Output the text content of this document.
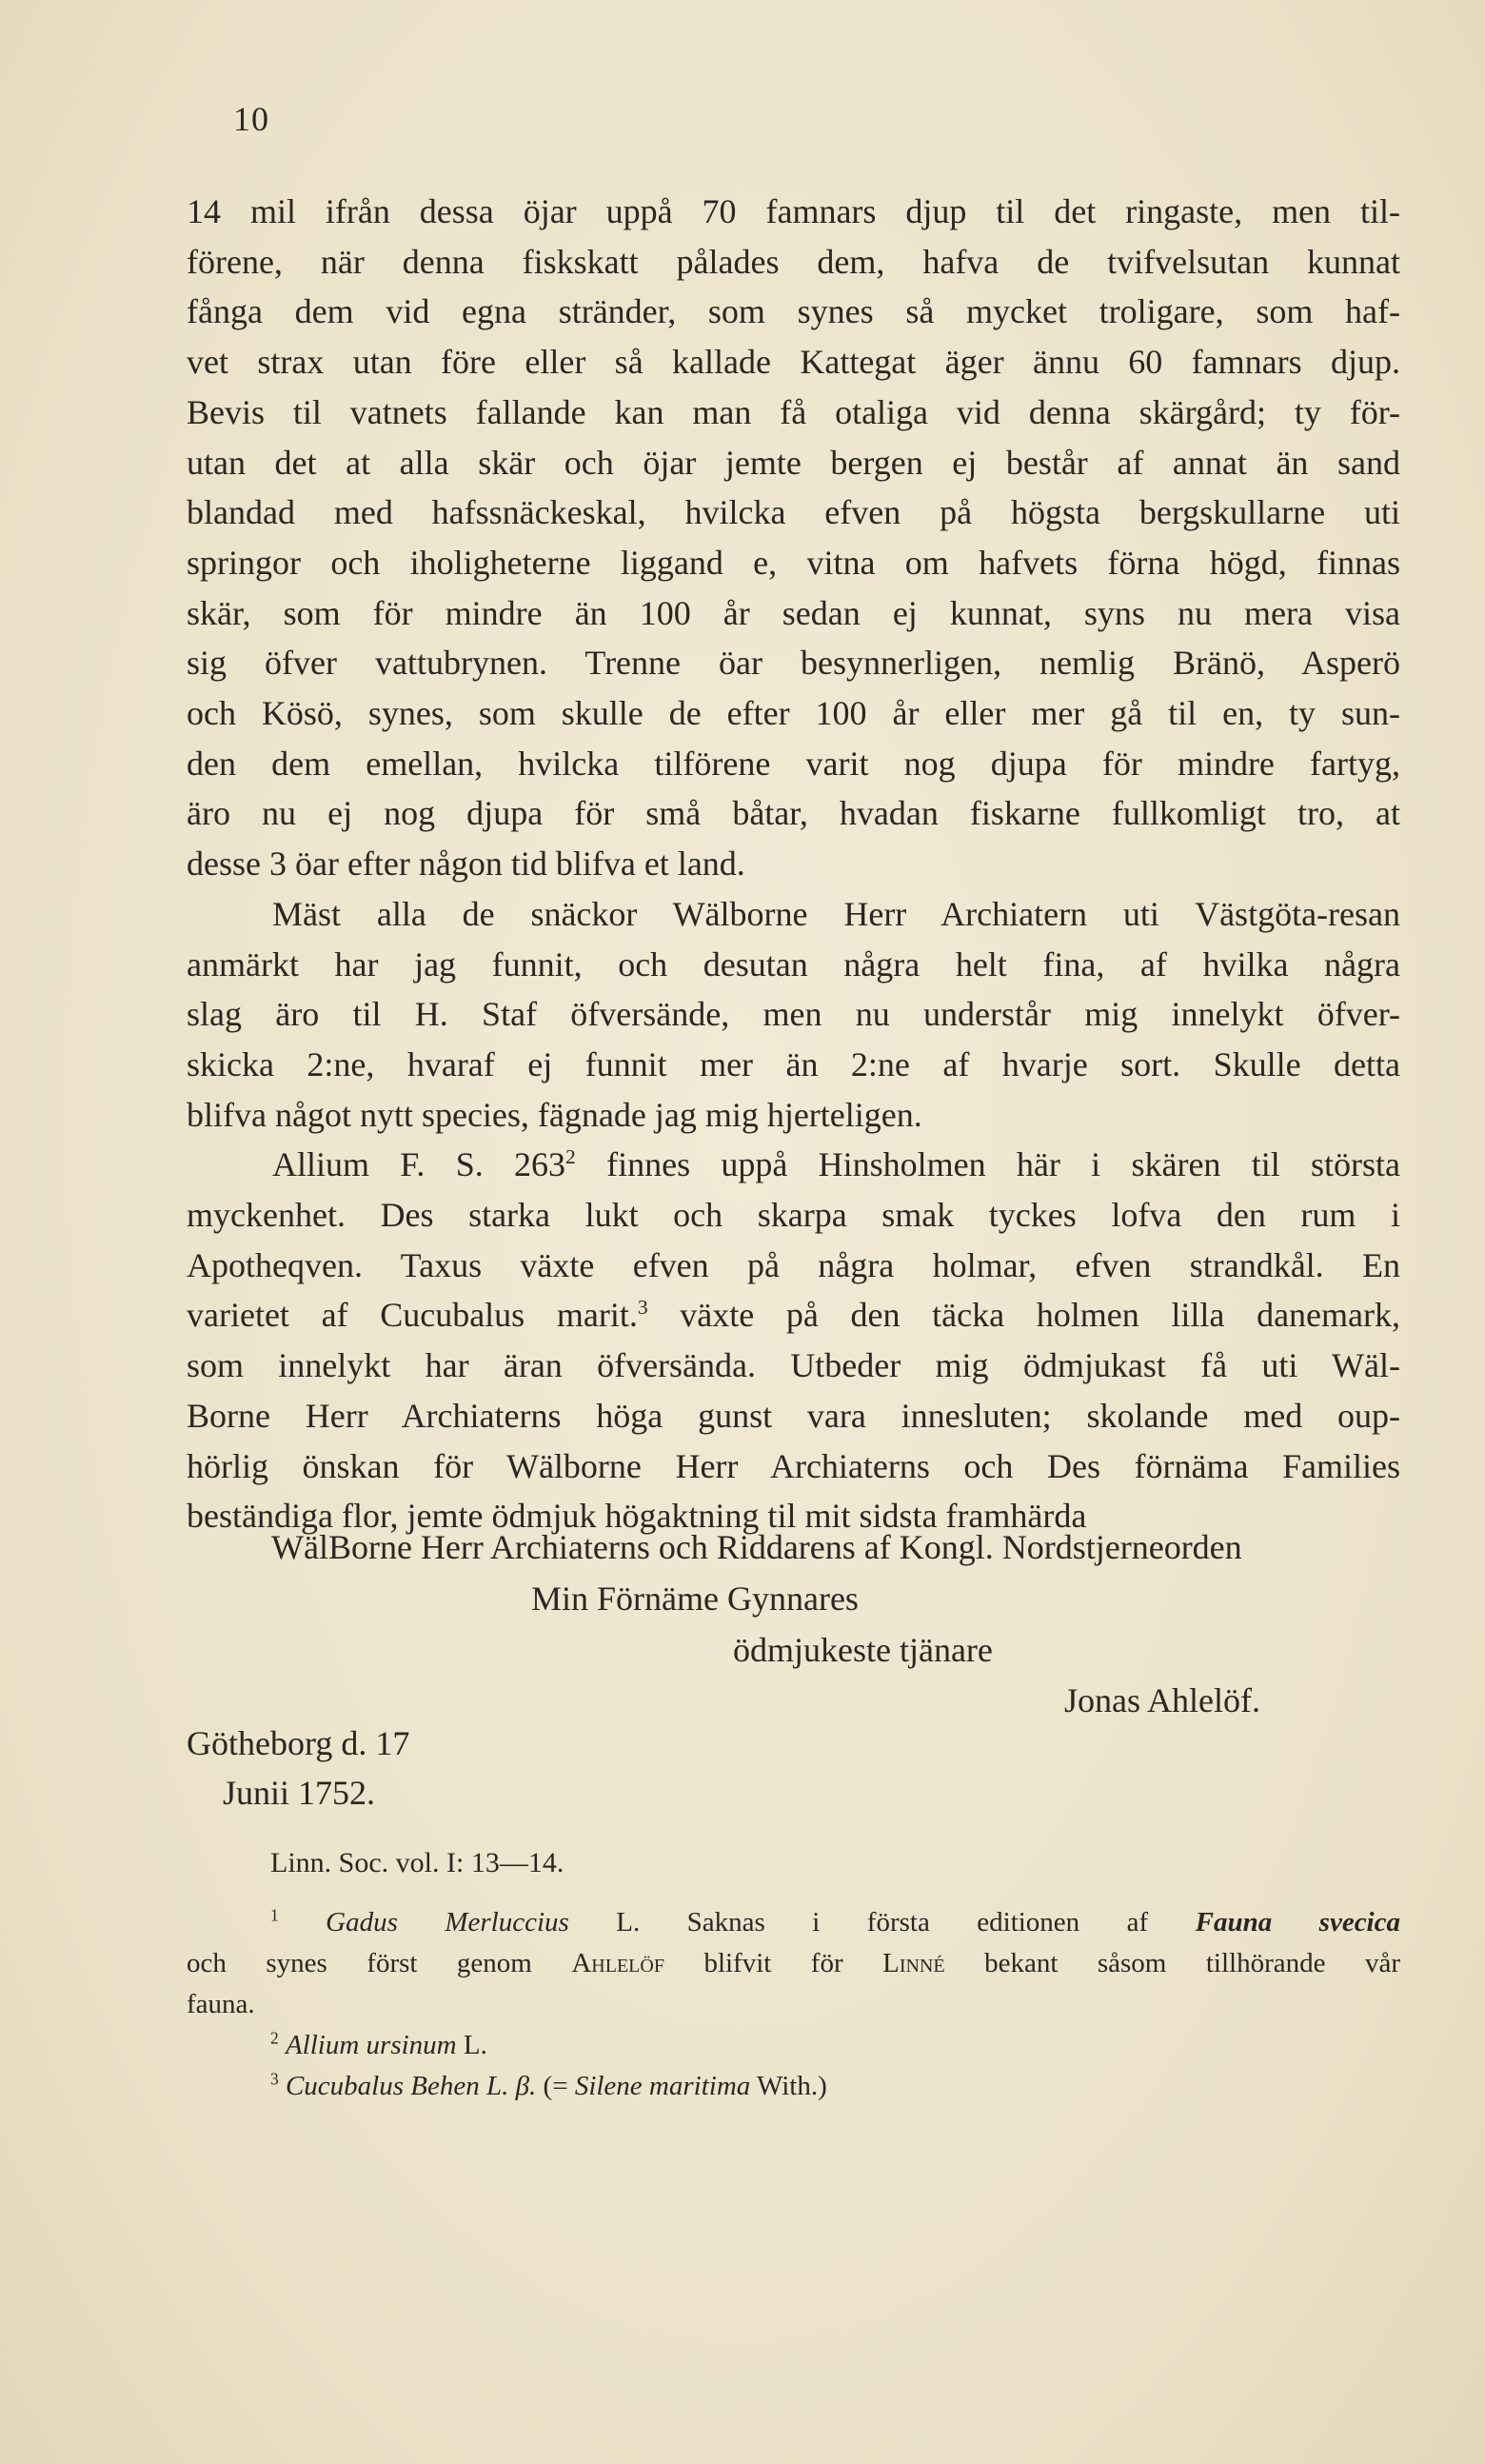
10
14 mil ifrån dessa öjar uppå 70 famnars djup til det ringaste, men til-
förene, när denna fiskskatt pålades dem, hafva de tvifvelsutan kunnat
fånga dem vid egna stränder, som synes så mycket troligare, som haf-
vet strax utan före eller så kallade Kattegat äger ännu 60 famnars djup.
Bevis til vatnets fallande kan man få otaliga vid denna skärgård; ty för-
utan det at alla skär och öjar jemte bergen ej består af annat än sand
blandad med hafssnäckeskal, hvilcka efven på högsta bergskullarne uti
springor och iholigheterne liggand e, vitna om hafvets förna högd, finnas
skär, som för mindre än 100 år sedan ej kunnat, syns nu mera visa
sig öfver vattubrynen. Trenne öar besynnerligen, nemlig Bränö, Asperö
och Kösö, synes, som skulle de efter 100 år eller mer gå til en, ty sun-
den dem emellan, hvilcka tilförene varit nog djupa för mindre fartyg,
äro nu ej nog djupa för små båtar, hvadan fiskarne fullkomligt tro, at
desse 3 öar efter någon tid blifva et land.
Mäst alla de snäckor Wälborne Herr Archiatern uti Västgöta-resan
anmärkt har jag funnit, och desutan några helt fina, af hvilka några
slag äro til H. Staf öfversände, men nu understår mig innelykt öfver-
skicka 2:ne, hvaraf ej funnit mer än 2:ne af hvarje sort. Skulle detta
blifva något nytt species, fägnade jag mig hjerteligen.
Allium F. S. $263^2$ finnes uppå Hinsholmen här i skären til största
myckenhet. Des starka lukt och skarpa smak tyckes lofva den rum i
Apotheqven. Taxus växte efven på några holmar, efven strandkål. En
varietet af Cucubalus marit.$^3$ växte på den täcka holmen lilla danemark,
som innelykt har äran öfversända. Utbeder mig ödmjukast få uti Wäl-
Borne Herr Archiaterns höga gunst vara innesluten; skolande med oup-
hörlig önskan för Wälborne Herr Archiaterns och Des förnäma Families
beständiga flor, jemte ödmjuk högaktning til mit sidsta framhärda
WälBorne Herr Archiaterns och Riddarens af Kongl. Nordstjerneorden
Min Förnäme Gynnares
ödmjukeste tjänare
Jonas Ahlelöf.
Götheborg d. 17
Junii 1752.
Linn. Soc. vol. I: 13—14.
$^1$ Gadus Merluccius L. Saknas i första editionen af Fauna svecica
och synes först genom Ahlelöf blifvit för Linné bekant såsom tillhörande vår
fauna.
$^2$ Allium ursinum L.
$^3$ Cucubalus Behen L. β. (= Silene maritima With.)
